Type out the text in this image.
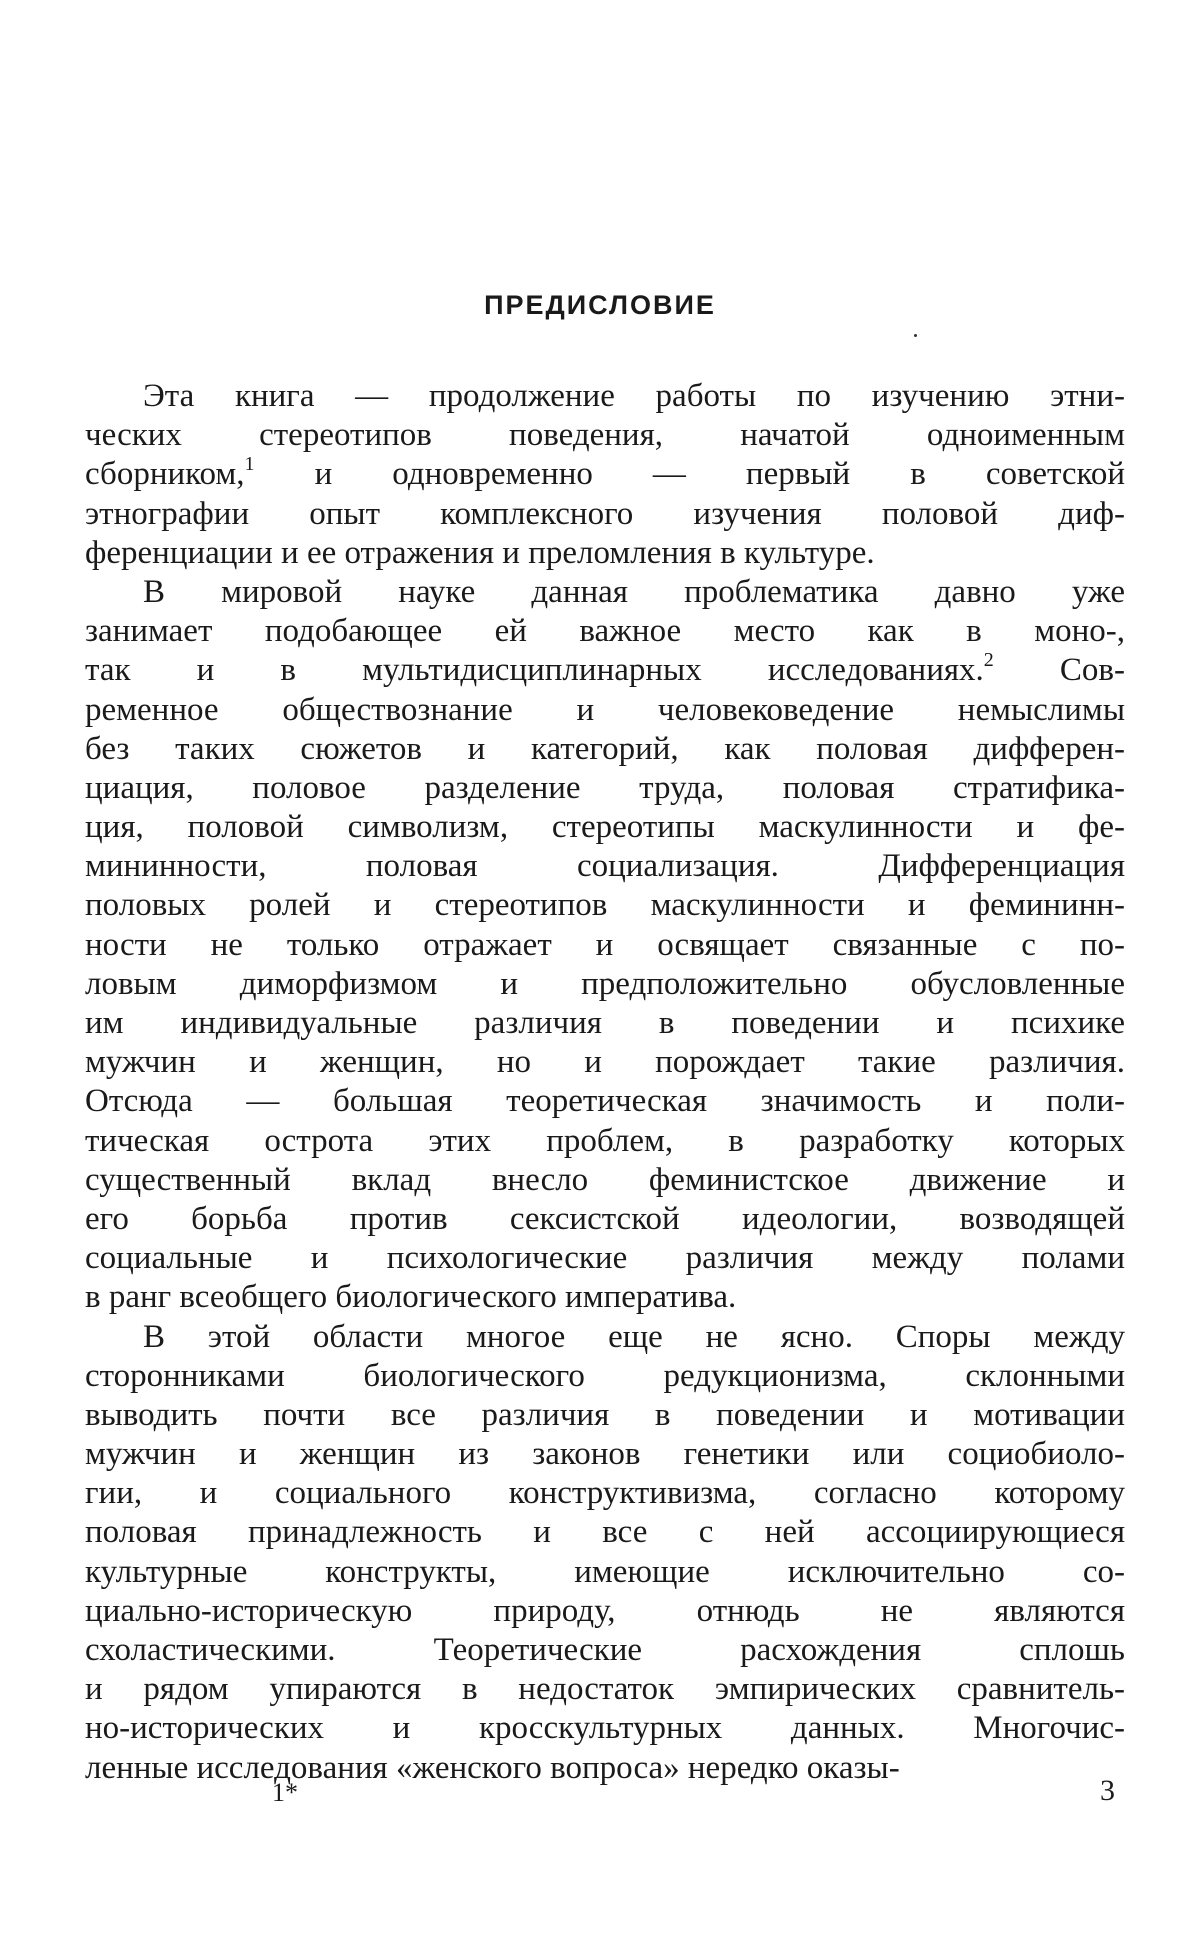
ПРЕДИСЛОВИЕ
Эта книга — продолжение работы по изучению этни-
ческих стереотипов поведения, начатой одноименным
сборником,$^1$ и одновременно — первый в советской
этнографии опыт комплексного изучения половой диф-
ференциации и ее отражения и преломления в культуре.
В мировой науке данная проблематика давно уже
занимает подобающее ей важное место как в моно-,
так и в мультидисциплинарных исследованиях.$^2$ Сов-
ременное обществознание и человековедение немыслимы
без таких сюжетов и категорий, как половая дифферен-
циация, половое разделение труда, половая стратифика-
ция, половой символизм, стереотипы маскулинности и фе-
мининности, половая социализация. Дифференциация
половых ролей и стереотипов маскулинности и фемининн-
ности не только отражает и освящает связанные с по-
ловым диморфизмом и предположительно обусловленные
им индивидуальные различия в поведении и психике
мужчин и женщин, но и порождает такие различия.
Отсюда — большая теоретическая значимость и поли-
тическая острота этих проблем, в разработку которых
существенный вклад внесло феминистское движение и
его борьба против сексистской идеологии, возводящей
социальные и психологические различия между полами
в ранг всеобщего биологического императива.
В этой области многое еще не ясно. Споры между
сторонниками биологического редукционизма, склонными
выводить почти все различия в поведении и мотивации
мужчин и женщин из законов генетики или социобиоло-
гии, и социального конструктивизма, согласно которому
половая принадлежность и все с ней ассоциирующиеся
культурные конструкты, имеющие исключительно со-
циально-историческую природу, отнюдь не являются
схоластическими. Теоретические расхождения сплошь
и рядом упираются в недостаток эмпирических сравнитель-
но-исторических и кросскультурных данных. Многочис-
ленные исследования «женского вопроса» нередко оказы-
1*	3
